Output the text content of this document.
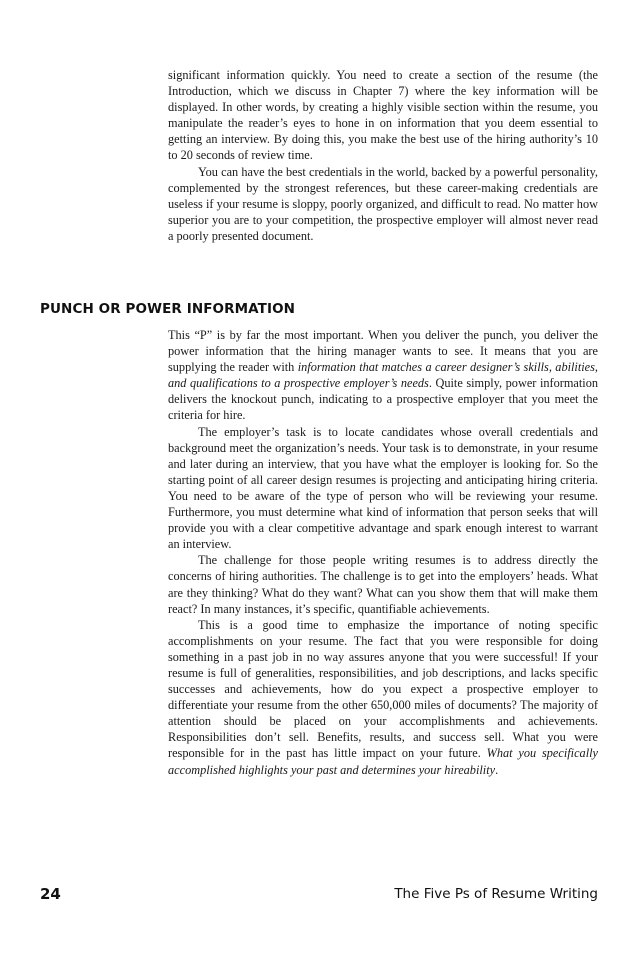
significant information quickly. You need to create a section of the resume (the Introduction, which we discuss in Chapter 7) where the key information will be displayed. In other words, by creating a highly visible section within the resume, you manipulate the reader’s eyes to hone in on information that you deem essential to getting an interview. By doing this, you make the best use of the hiring authority’s 10 to 20 seconds of review time.

You can have the best credentials in the world, backed by a powerful personality, complemented by the strongest references, but these career-making credentials are useless if your resume is sloppy, poorly organized, and difficult to read. No matter how superior you are to your competition, the prospective employer will almost never read a poorly presented document.

PUNCH OR POWER INFORMATION

This “P” is by far the most important. When you deliver the punch, you deliver the power information that the hiring manager wants to see. It means that you are supplying the reader with information that matches a career designer’s skills, abilities, and qualifications to a prospective employer’s needs. Quite simply, power information delivers the knockout punch, indicating to a prospective employer that you meet the criteria for hire.

The employer’s task is to locate candidates whose overall credentials and background meet the organization’s needs. Your task is to demonstrate, in your resume and later during an interview, that you have what the employer is looking for. So the starting point of all career design resumes is projecting and anticipating hiring criteria. You need to be aware of the type of person who will be reviewing your resume. Furthermore, you must determine what kind of information that person seeks that will provide you with a clear competitive advantage and spark enough interest to warrant an interview.

The challenge for those people writing resumes is to address directly the concerns of hiring authorities. The challenge is to get into the employers’ heads. What are they thinking? What do they want? What can you show them that will make them react? In many instances, it’s specific, quantifiable achievements.

This is a good time to emphasize the importance of noting specific accomplishments on your resume. The fact that you were responsible for doing something in a past job in no way assures anyone that you were successful! If your resume is full of generalities, responsibilities, and job descriptions, and lacks specific successes and achievements, how do you expect a prospective employer to differentiate your resume from the other 650,000 miles of documents? The majority of attention should be placed on your accomplishments and achievements. Responsibilities don’t sell. Benefits, results, and success sell. What you were responsible for in the past has little impact on your future. What you specifically accomplished highlights your past and determines your hireability.

24	The Five Ps of Resume Writing
